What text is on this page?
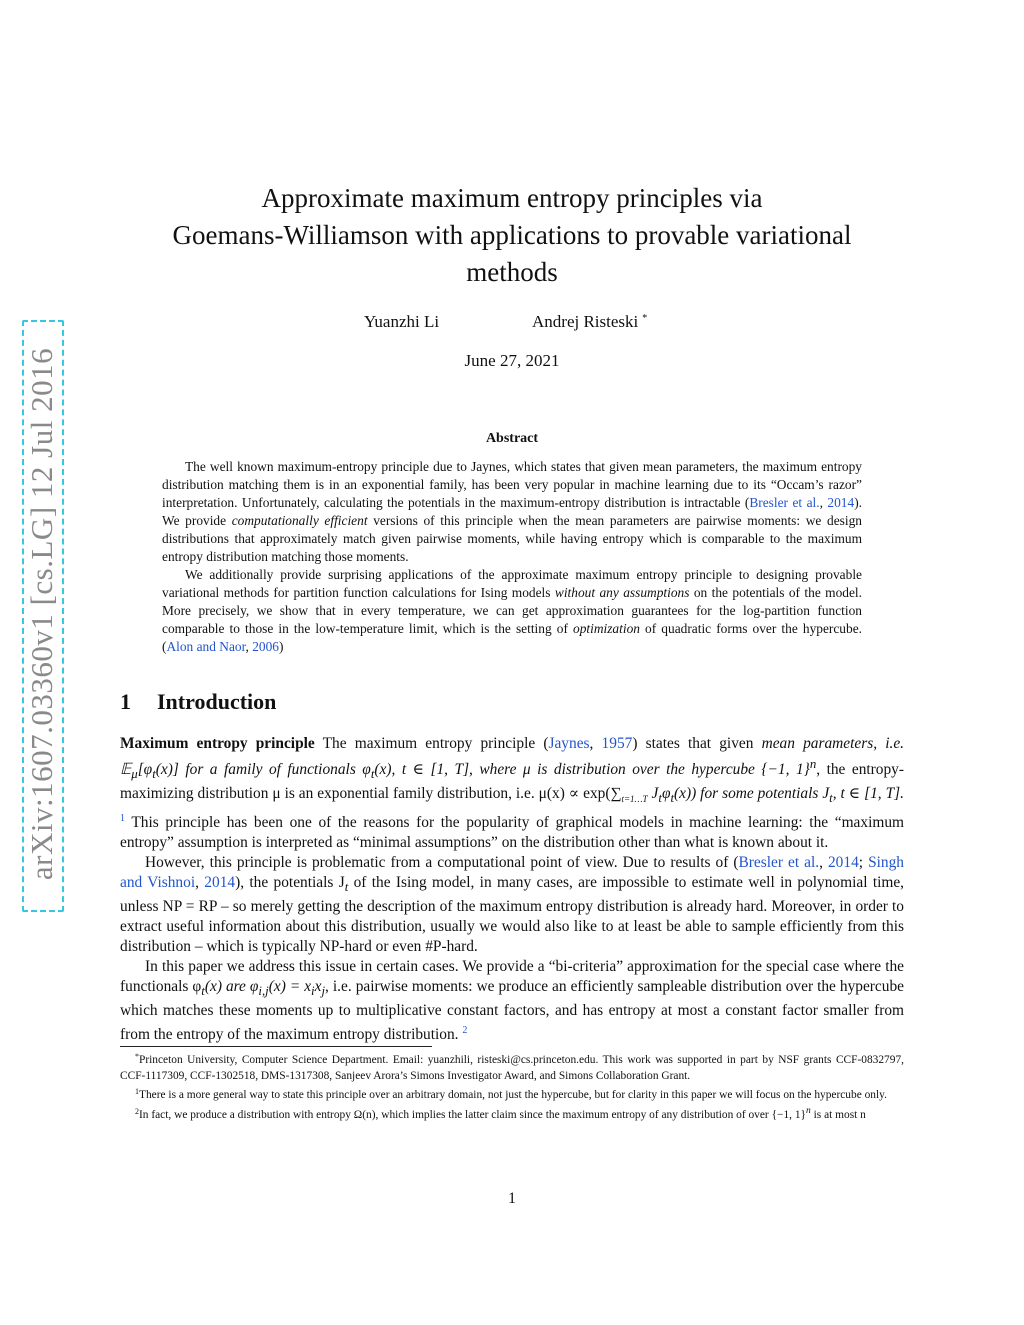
arXiv:1607.03360v1 [cs.LG] 12 Jul 2016
Approximate maximum entropy principles via
Goemans-Williamson with applications to provable variational
methods
Yuanzhi Li	Andrej Risteski *
June 27, 2021
Abstract

The well known maximum-entropy principle due to Jaynes, which states that given mean parameters, the maximum entropy distribution matching them is in an exponential family, has been very popular in machine learning due to its “Occam’s razor” interpretation. Unfortunately, calculating the potentials in the maximum-entropy distribution is intractable (Bresler et al., 2014). We provide computationally efficient versions of this principle when the mean parameters are pairwise moments: we design distributions that approximately match given pairwise moments, while having entropy which is comparable to the maximum entropy distribution matching those moments.

We additionally provide surprising applications of the approximate maximum entropy principle to designing provable variational methods for partition function calculations for Ising models without any assumptions on the potentials of the model. More precisely, we show that in every temperature, we can get approximation guarantees for the log-partition function comparable to those in the low-temperature limit, which is the setting of optimization of quadratic forms over the hypercube. (Alon and Naor, 2006)

1 Introduction

Maximum entropy principle The maximum entropy principle (Jaynes, 1957) states that given mean parameters, i.e. $𝔼_\mu[\varphi_t(x)]$ for a family of functionals $\varphi_t(x)$, t ∈ [1, T], where μ is distribution over the hypercube {−1, 1}$^n$, the entropy-maximizing distribution μ is an exponential family distribution, i.e. $\mu(x) \propto \exp(\sum_{t=1\dots T}$ $J_t\varphi_t(x)$) for some potentials $J_t$, t ∈ [1, T]. $^1$ This principle has been one of the reasons for the popularity of graphical models in machine learning: the “maximum entropy” assumption is interpreted as “minimal assumptions” on the distribution other than what is known about it.

However, this principle is problematic from a computational point of view. Due to results of (Bresler et al., 2014; Singh and Vishnoi, 2014), the potentials $J_t$ of the Ising model, in many cases, are impossible to estimate well in polynomial time, unless NP = RP – so merely getting the description of the maximum entropy distribution is already hard. Moreover, in order to extract useful information about this distribution, usually we would also like to at least be able to sample efficiently from this distribution – which is typically NP-hard or even #P-hard.

In this paper we address this issue in certain cases. We provide a “bi-criteria” approximation for the special case where the functionals $\varphi_t(x)$ are $\varphi_{i,j}(x) = x_ix_j$, i.e. pairwise moments: we produce an efficiently sampleable distribution over the hypercube which matches these moments up to multiplicative constant factors, and has entropy at most a constant factor smaller from from the entropy of the maximum entropy distribution. $^2$

*Princeton University, Computer Science Department. Email: yuanzhili, risteski@cs.princeton.edu. This work was supported in part by NSF grants CCF-0832797, CCF-1117309, CCF-1302518, DMS-1317308, Sanjeev Arora’s Simons Investigator Award, and Simons Collaboration Grant.

$^1$There is a more general way to state this principle over an arbitrary domain, not just the hypercube, but for clarity in this paper we will focus on the hypercube only.

$^2$In fact, we produce a distribution with entropy Ω(n), which implies the latter claim since the maximum entropy of any distribution of over {−1, 1}$^n$ is at most n

1
